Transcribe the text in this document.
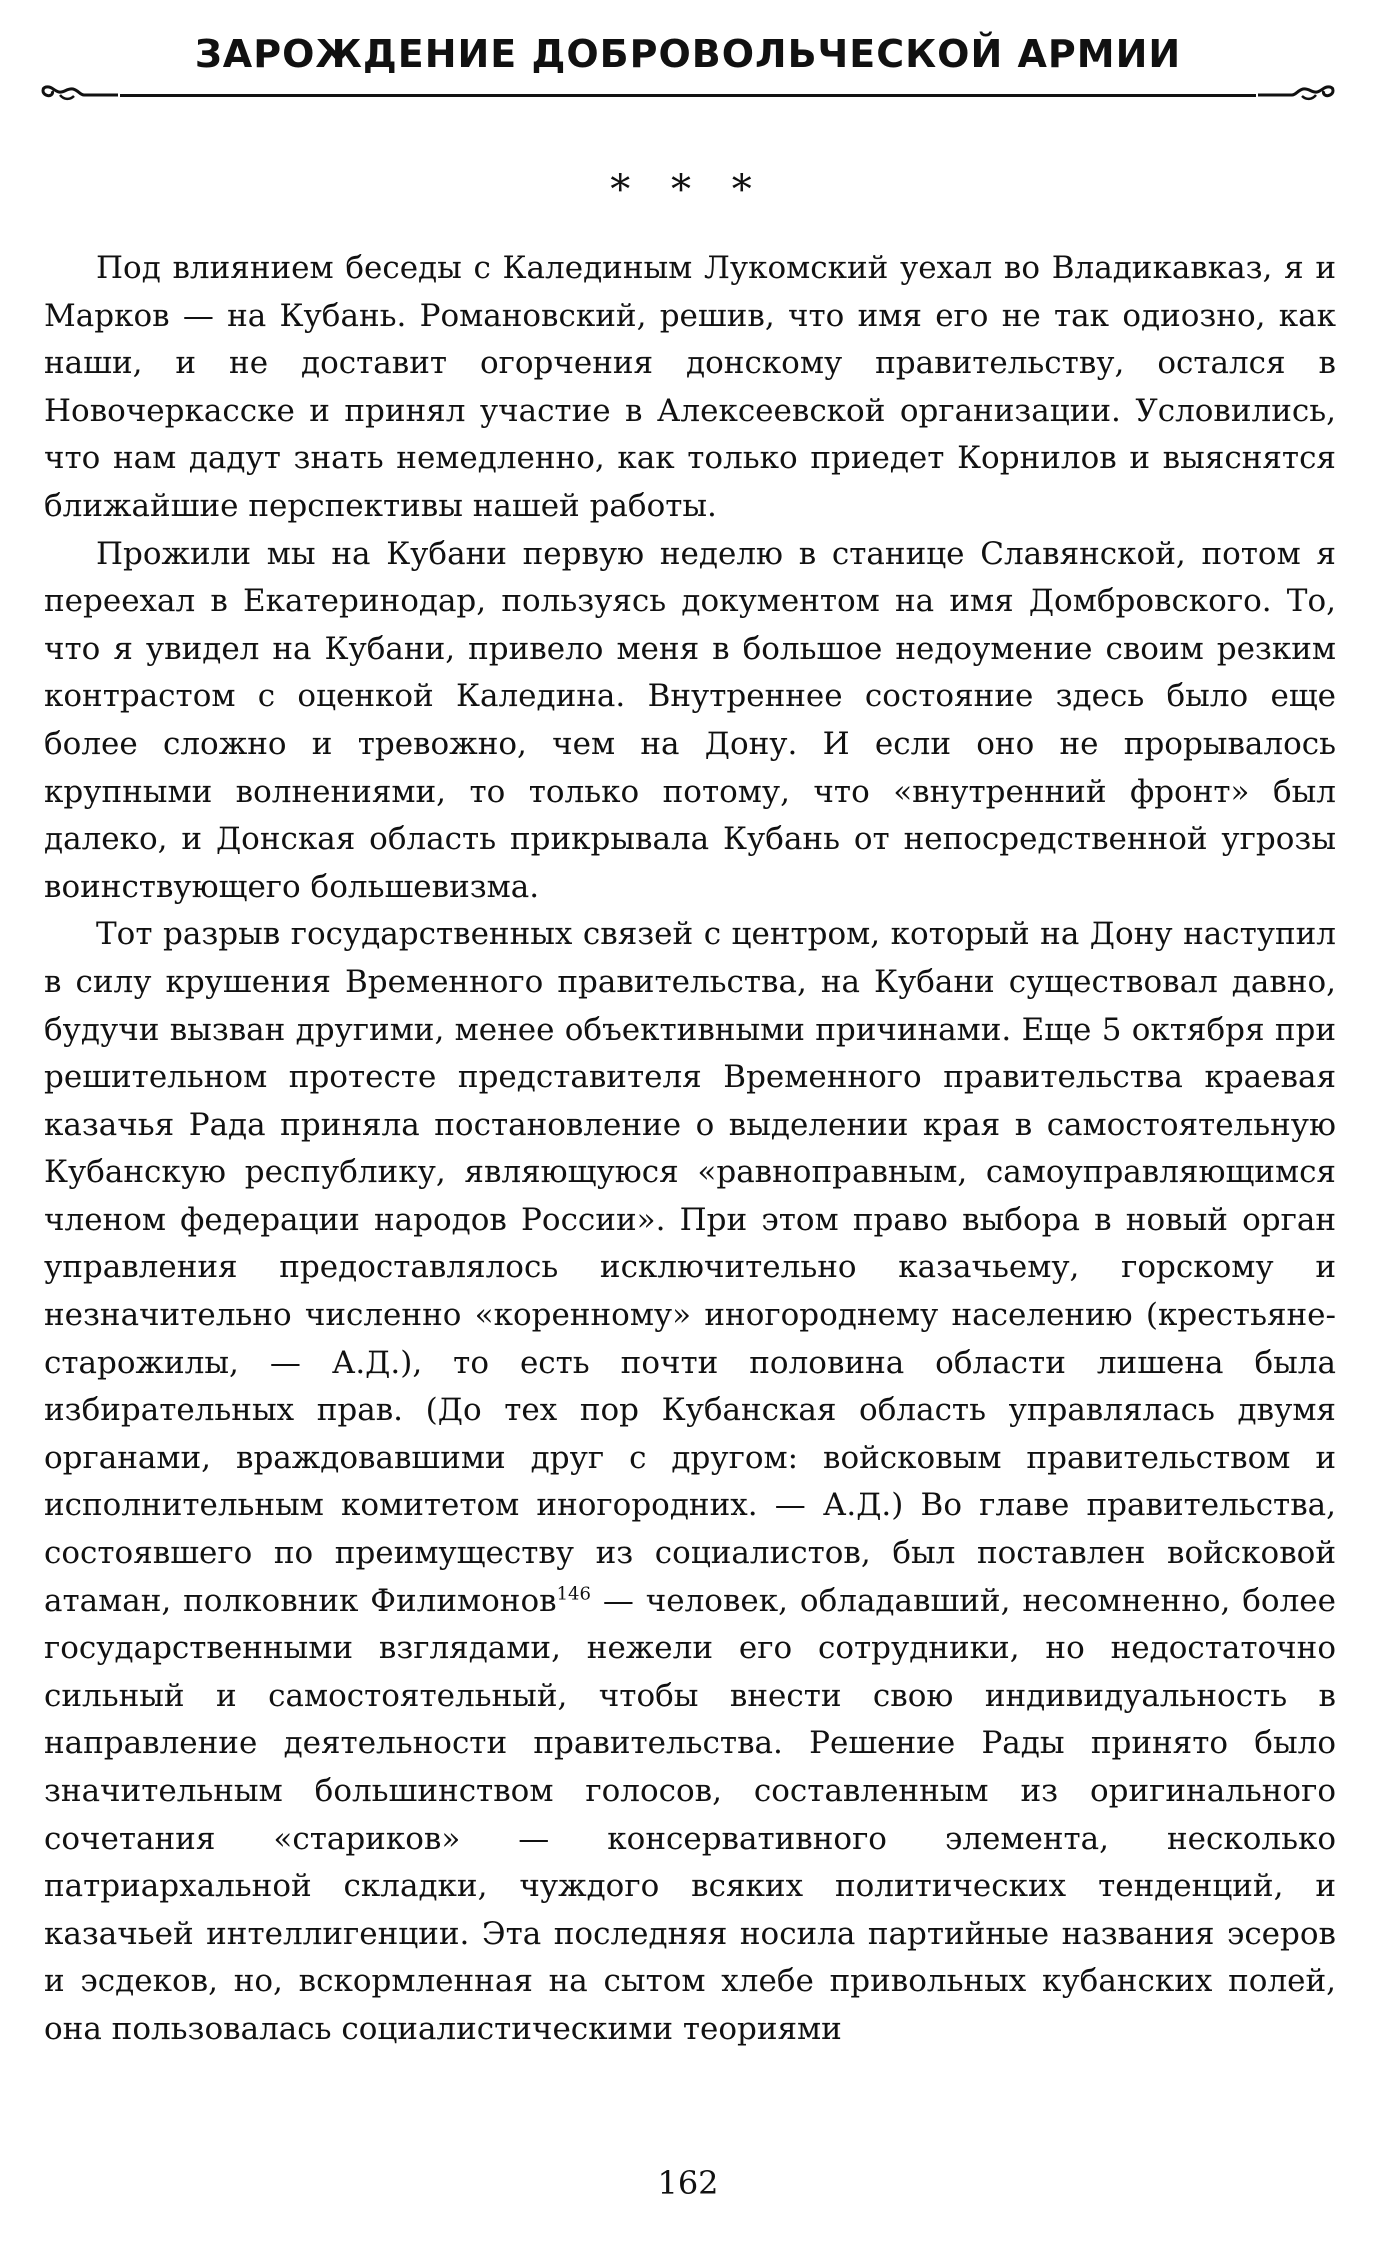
ЗАРОЖДЕНИЕ ДОБРОВОЛЬЧЕСКОЙ АРМИИ
* * *

Под влиянием беседы с Калединым Лукомский уехал во Владикавказ, я и Марков — на Кубань. Романовский, решив, что имя его не так одиозно, как наши, и не доставит огорчения донскому правительству, остался в Новочеркасске и принял участие в Алексеевской организации. Условились, что нам дадут знать немедленно, как только приедет Корнилов и выяснятся ближайшие перспективы нашей работы.

Прожили мы на Кубани первую неделю в станице Славянской, потом я переехал в Екатеринодар, пользуясь документом на имя Домбровского. То, что я увидел на Кубани, привело меня в большое недоумение своим резким контрастом с оценкой Каледина. Внутреннее состояние здесь было еще более сложно и тревожно, чем на Дону. И если оно не прорывалось крупными волнениями, то только потому, что «внутренний фронт» был далеко, и Донская область прикрывала Кубань от непосредственной угрозы воинствующего большевизма.

Тот разрыв государственных связей с центром, который на Дону наступил в силу крушения Временного правительства, на Кубани существовал давно, будучи вызван другими, менее объективными причинами. Еще 5 октября при решительном протесте представителя Временного правительства краевая казачья Рада приняла постановление о выделении края в самостоятельную Кубанскую республику, являющуюся «равноправным, самоуправляющимся членом федерации народов России». При этом право выбора в новый орган управления предоставлялось исключительно казачьему, горскому и незначительно численно «коренному» иногороднему населению (крестьяне-старожилы, — А.Д.), то есть почти половина области лишена была избирательных прав. (До тех пор Кубанская область управлялась двумя органами, враждовавшими друг с другом: войсковым правительством и исполнительным комитетом иногородних. — А.Д.) Во главе правительства, состоявшего по преимуществу из социалистов, был поставлен войсковой атаман, полковник Филимонов$^{146}$ — человек, обладавший, несомненно, более государственными взглядами, нежели его сотрудники, но недостаточно сильный и самостоятельный, чтобы внести свою индивидуальность в направление деятельности правительства. Решение Рады принято было значительным большинством голосов, составленным из оригинального сочетания «стариков» — консервативного элемента, несколько патриархальной складки, чуждого всяких политических тенденций, и казачьей интеллигенции. Эта последняя носила партийные названия эсеров и эсдеков, но, вскормленная на сытом хлебе привольных кубанских полей, она пользовалась социалистическими теориями

162
